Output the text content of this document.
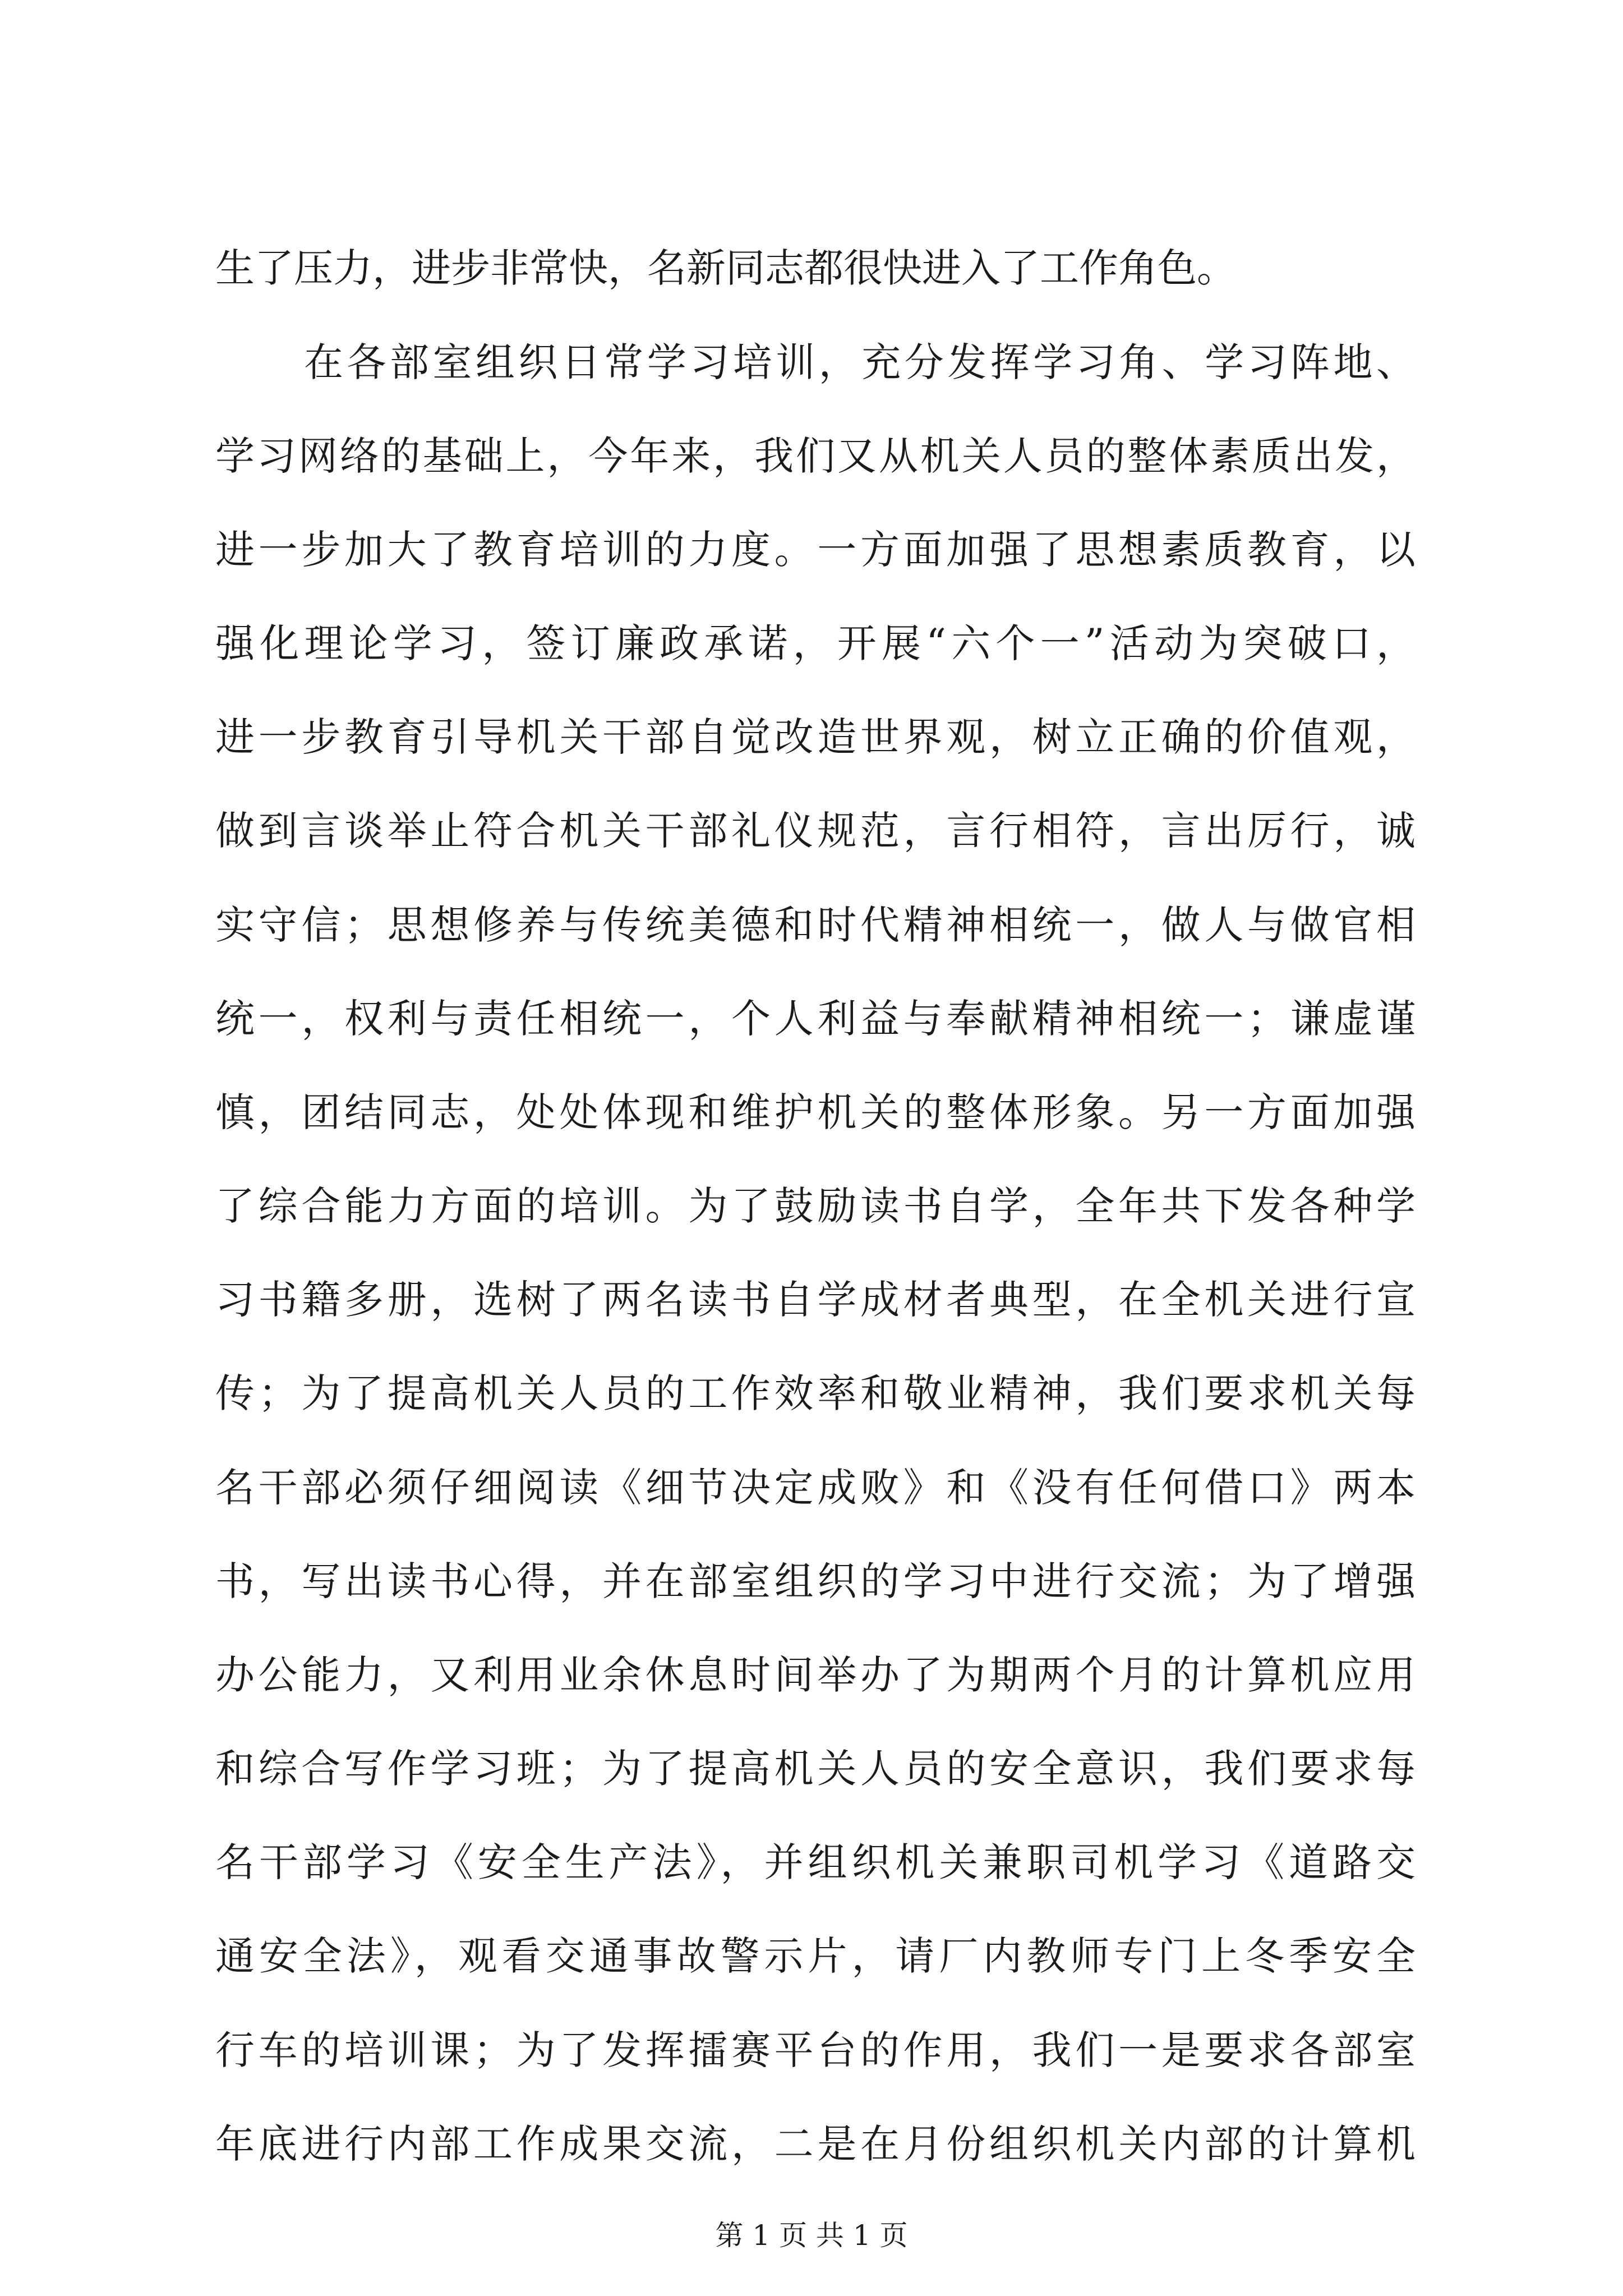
生了压力，进步非常快，名新同志都很快进入了工作角色。
在各部室组织日常学习培训，充分发挥学习角、学习阵地、
学习网络的基础上，今年来，我们又从机关人员的整体素质出发，
进一步加大了教育培训的力度。一方面加强了思想素质教育，以
强化理论学习，签订廉政承诺，开展“六个一”活动为突破口，
进一步教育引导机关干部自觉改造世界观，树立正确的价值观，
做到言谈举止符合机关干部礼仪规范，言行相符，言出厉行，诚
实守信；思想修养与传统美德和时代精神相统一，做人与做官相
统一，权利与责任相统一，个人利益与奉献精神相统一；谦虚谨
慎，团结同志，处处体现和维护机关的整体形象。另一方面加强
了综合能力方面的培训。为了鼓励读书自学，全年共下发各种学
习书籍多册，选树了两名读书自学成材者典型，在全机关进行宣
传；为了提高机关人员的工作效率和敬业精神，我们要求机关每
名干部必须仔细阅读《细节决定成败》和《没有任何借口》两本
书，写出读书心得，并在部室组织的学习中进行交流；为了增强
办公能力，又利用业余休息时间举办了为期两个月的计算机应用
和综合写作学习班；为了提高机关人员的安全意识，我们要求每
名干部学习《安全生产法》，并组织机关兼职司机学习《道路交
通安全法》，观看交通事故警示片，请厂内教师专门上冬季安全
行车的培训课；为了发挥擂赛平台的作用，我们一是要求各部室
年底进行内部工作成果交流，二是在月份组织机关内部的计算机
第 1 页 共 1 页
